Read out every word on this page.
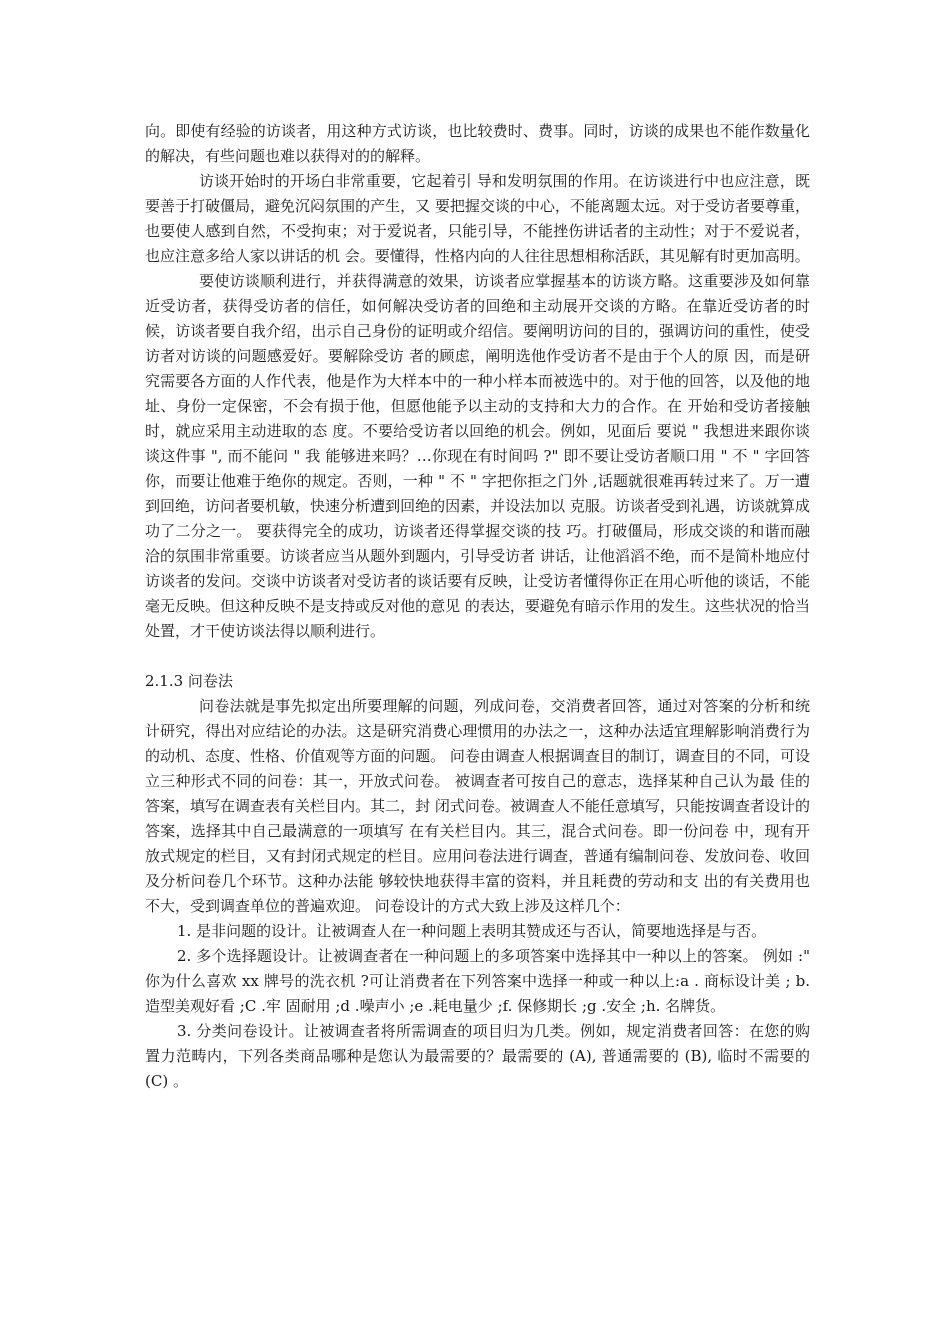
向。即使有经验的访谈者，用这种方式访谈，也比较费时、费事。同时，访谈的成果也不能作数量化的解决，有些问题也难以获得对的的解释。

访谈开始时的开场白非常重要，它起着引 导和发明氛围的作用。在访谈进行中也应注意，既要善于打破僵局，避免沉闷氛围的产生，又 要把握交谈的中心，不能离题太远。对于受访者要尊重，也要使人感到自然，不受拘束；对于爱说者，只能引导，不能挫伤讲话者的主动性；对于不爱说者，也应注意多给人家以讲话的机 会。要懂得，性格内向的人往往思想相称活跃，其见解有时更加高明。

要使访谈顺利进行，并获得满意的效果，访谈者应掌握基本的访谈方略。这重要涉及如何靠近受访者，获得受访者的信任，如何解决受访者的回绝和主动展开交谈的方略。在靠近受访者的时候，访谈者要自我介绍，出示自己身份的证明或介绍信。要阐明访问的目的，强调访问的重性，使受访者对访谈的问题感爱好。要解除受访 者的顾虑，阐明选他作受访者不是由于个人的原 因，而是研究需要各方面的人作代表，他是作为大样本中的一种小样本而被选中的。对于他的回答，以及他的地址、身份一定保密，不会有损于他，但愿他能予以主动的支持和大力的合作。在 开始和受访者接触时，就应采用主动进取的态 度。不要给受访者以回绝的机会。例如，见面后 要说 " 我想进来跟你谈谈这件事 ", 而不能问 " 我 能够进来吗？…你现在有时间吗 ?" 即不要让受访者顺口用 " 不 " 字回答你，而要让他难于绝你的规定。否则，一种 " 不 " 字把你拒之门外 ,话题就很难再转过来了。万一遭到回绝，访问者要机敏，快速分析遭到回绝的因素，并设法加以 克服。访谈者受到礼遇，访谈就算成功了二分之一。 要获得完全的成功，访谈者还得掌握交谈的技 巧。打破僵局，形成交谈的和谐而融洽的氛围非常重要。访谈者应当从题外到题内，引导受访者 讲话，让他滔滔不绝，而不是简朴地应付访谈者的发问。交谈中访谈者对受访者的谈话要有反映，让受访者懂得你正在用心听他的谈话，不能毫无反映。但这种反映不是支持或反对他的意见 的表达，要避免有暗示作用的发生。这些状况的恰当处置，才干使访谈法得以顺利进行。

2.1.3 问卷法

问卷法就是事先拟定出所要理解的问题，列成问卷，交消费者回答，通过对答案的分析和统计研究，得出对应结论的办法。这是研究消费心理惯用的办法之一，这种办法适宜理解影响消费行为的动机、态度、性格、价值观等方面的问题。 问卷由调查人根据调查目的制订，调查目的不同，可设立三种形式不同的问卷：其一，开放式问卷。 被调查者可按自己的意志，选择某种自己认为最 佳的答案，填写在调查表有关栏目内。其二，封 闭式问卷。被调查人不能任意填写，只能按调查者设计的答案，选择其中自己最满意的一项填写 在有关栏目内。其三，混合式问卷。即一份问卷 中，现有开放式规定的栏目，又有封闭式规定的栏目。应用问卷法进行调查，普通有编制问卷、发放问卷、收回及分析问卷几个环节。这种办法能 够较快地获得丰富的资料，并且耗费的劳动和支 出的有关费用也不大，受到调查单位的普遍欢迎。 问卷设计的方式大致上涉及这样几个：

1. 是非问题的设计。让被调查人在一种问题上表明其赞成还与否认，简要地选择是与否。

2. 多个选择题设计。让被调查者在一种问题上的多项答案中选择其中一种以上的答案。 例如 :" 你为什么喜欢 xx 牌号的洗衣机 ?可让消费者在下列答案中选择一种或一种以上:a . 商标设计美 ; b. 造型美观好看 ;C .牢 固耐用 ;d .噪声小 ;e .耗电量少 ;f. 保修期长 ;g .安全 ;h. 名牌货。

3. 分类问卷设计。让被调查者将所需调查的项目归为几类。例如，规定消费者回答：在您的购置力范畴内，下列各类商品哪种是您认为最需要的？最需要的 (A), 普通需要的 (B), 临时不需要的 (C) 。
